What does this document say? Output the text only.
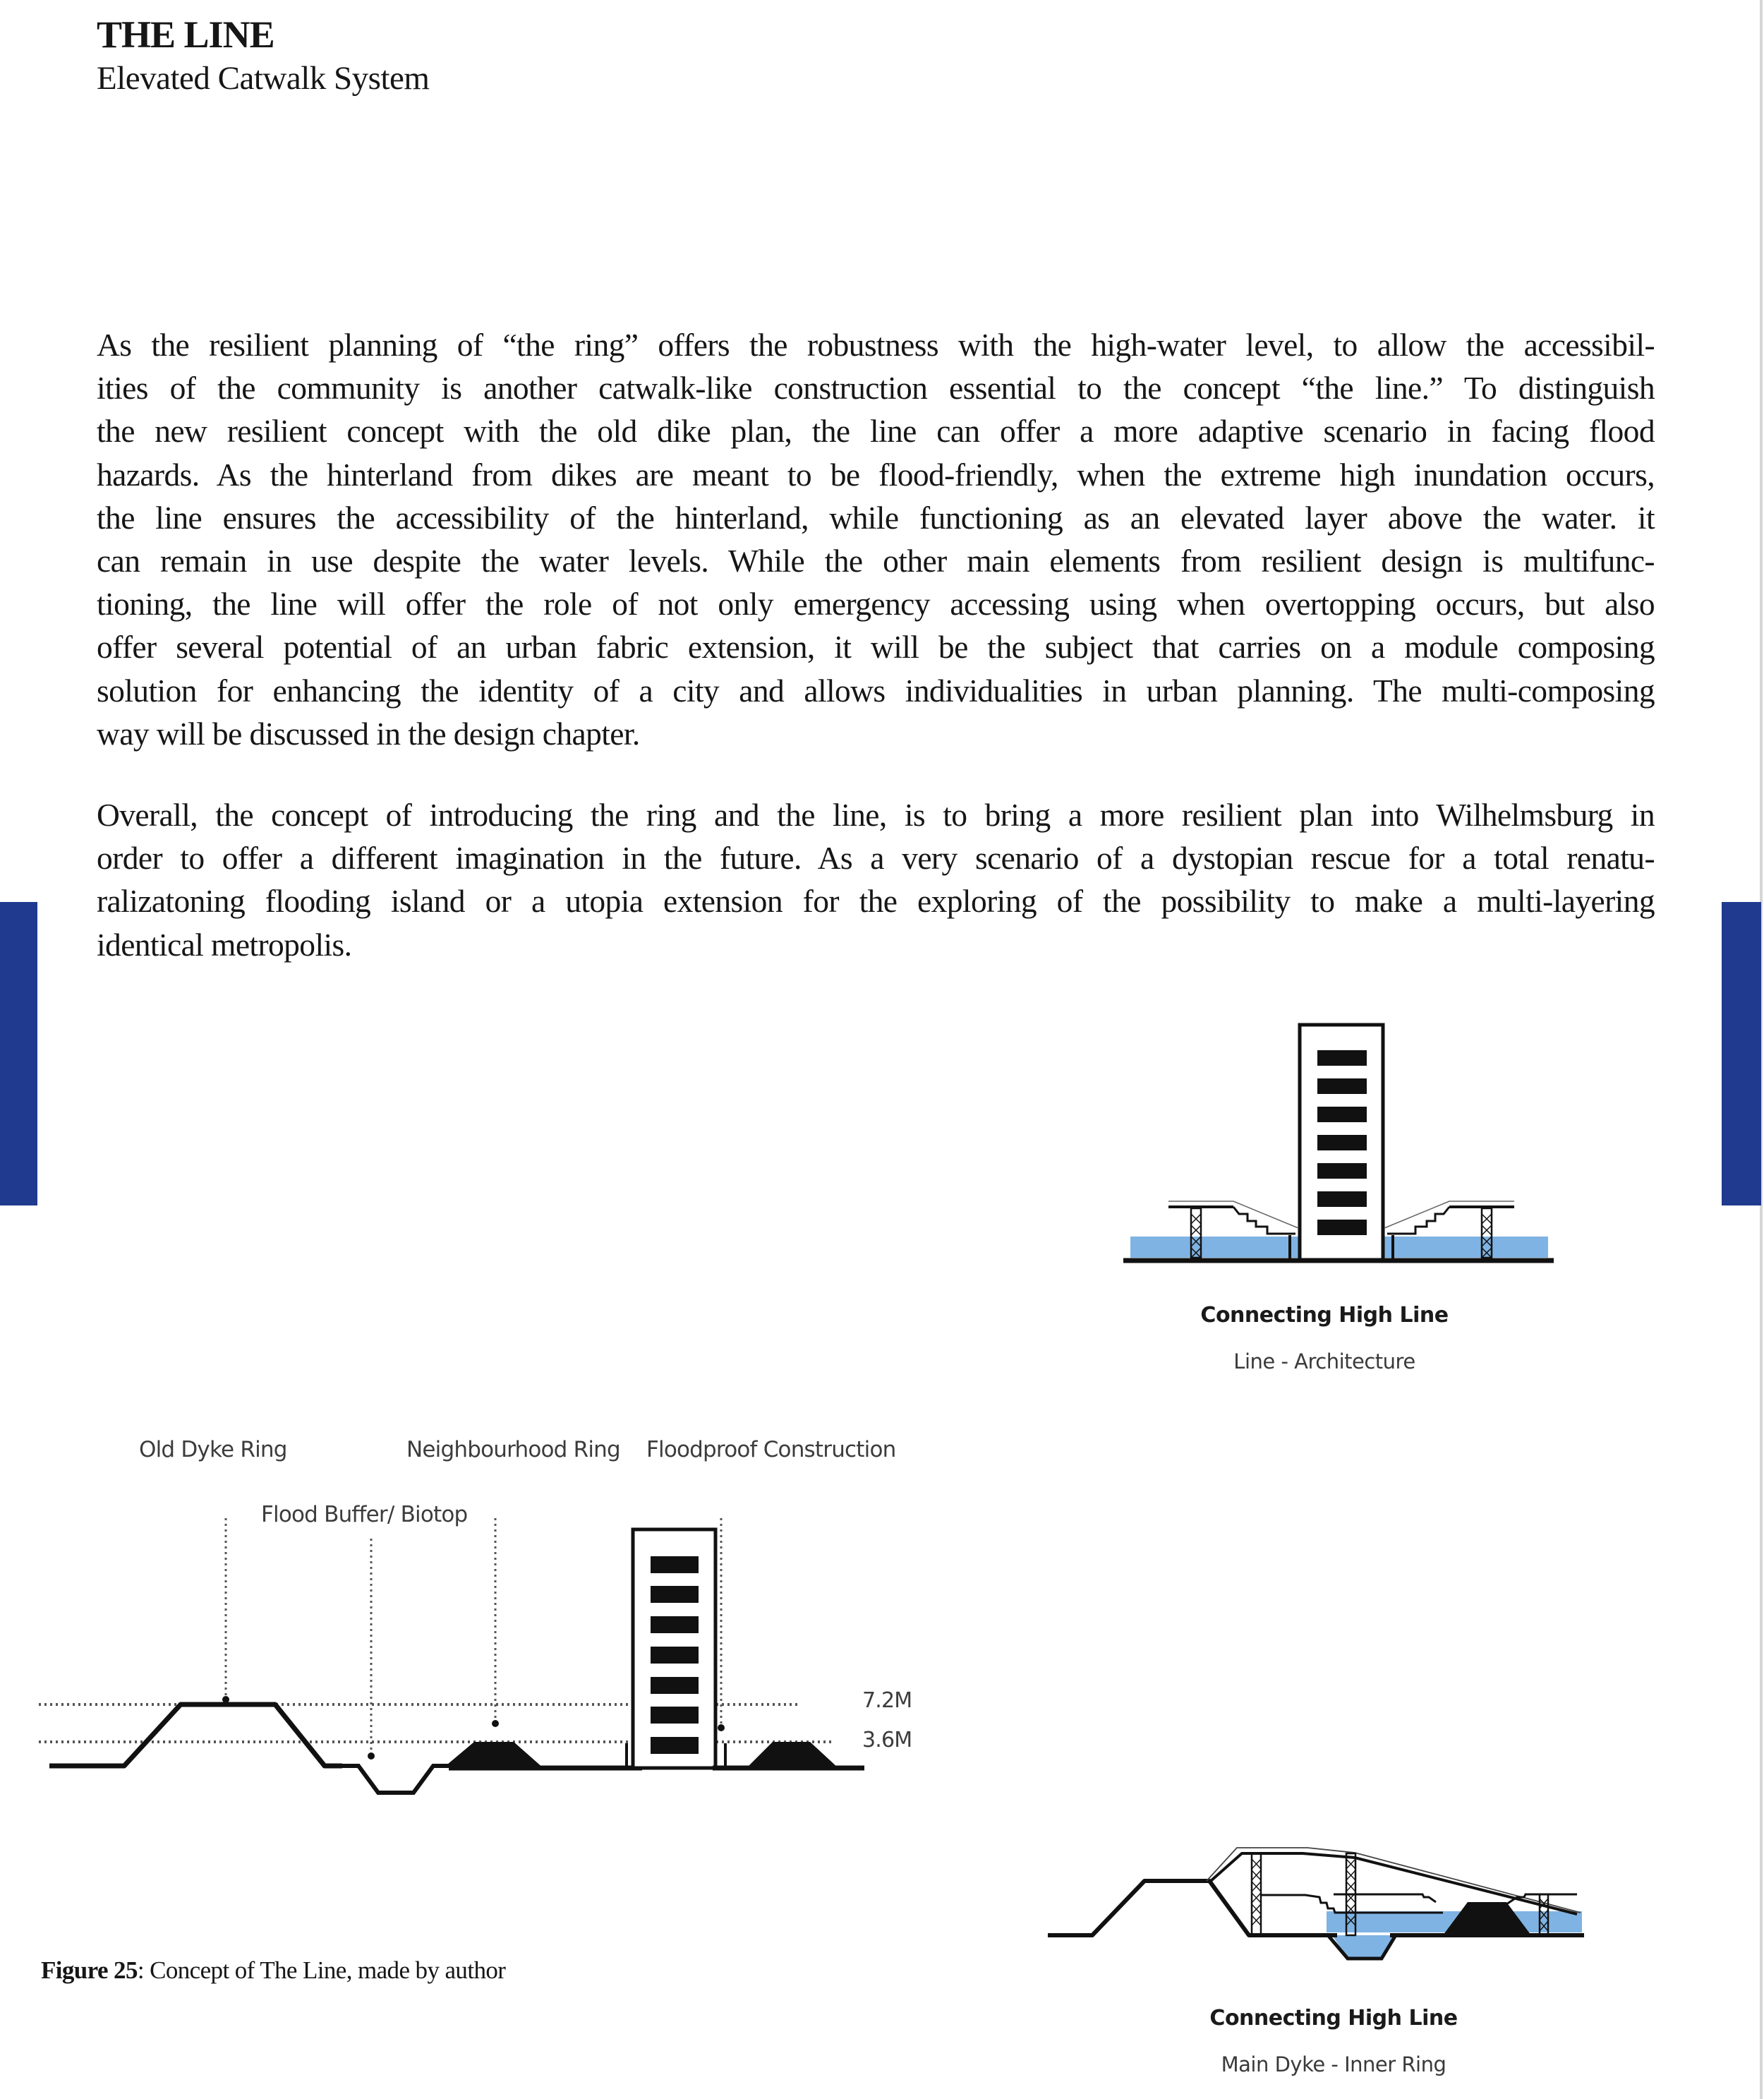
THE LINE
Elevated Catwalk System
As the resilient planning of “the ring” offers the robustness with the high-water level, to allow the accessibil-
ities of the community is another catwalk-like construction essential to the concept “the line.” To distinguish
the new resilient concept with the old dike plan, the line can offer a more adaptive scenario in facing flood
hazards. As the hinterland from dikes are meant to be flood-friendly, when the extreme high inundation occurs,
the line ensures the accessibility of the hinterland, while functioning as an elevated layer above the water. it
can remain in use despite the water levels. While the other main elements from resilient design is multifunc-
tioning, the line will offer the role of not only emergency accessing using when overtopping occurs, but also
offer several potential of an urban fabric extension, it will be the subject that carries on a module composing
solution for enhancing the identity of a city and allows individualities in urban planning. The multi-composing
way will be discussed in the design chapter.
Overall, the concept of introducing the ring and the line, is to bring a more resilient plan into Wilhelmsburg in
order to offer a different imagination in the future. As a very scenario of a dystopian rescue for a total renatu-
ralizatoning flooding island or a utopia extension for the exploring of the possibility to make a multi-layering
identical metropolis.
Connecting High Line
Line - Architecture
Old Dyke Ring	Neighbourhood Ring Floodproof Construction
Flood Buffer/ Biotop
7.2M
3.6M
Figure 25: Concept of The Line, made by author
Connecting High Line
Main Dyke - Inner Ring
